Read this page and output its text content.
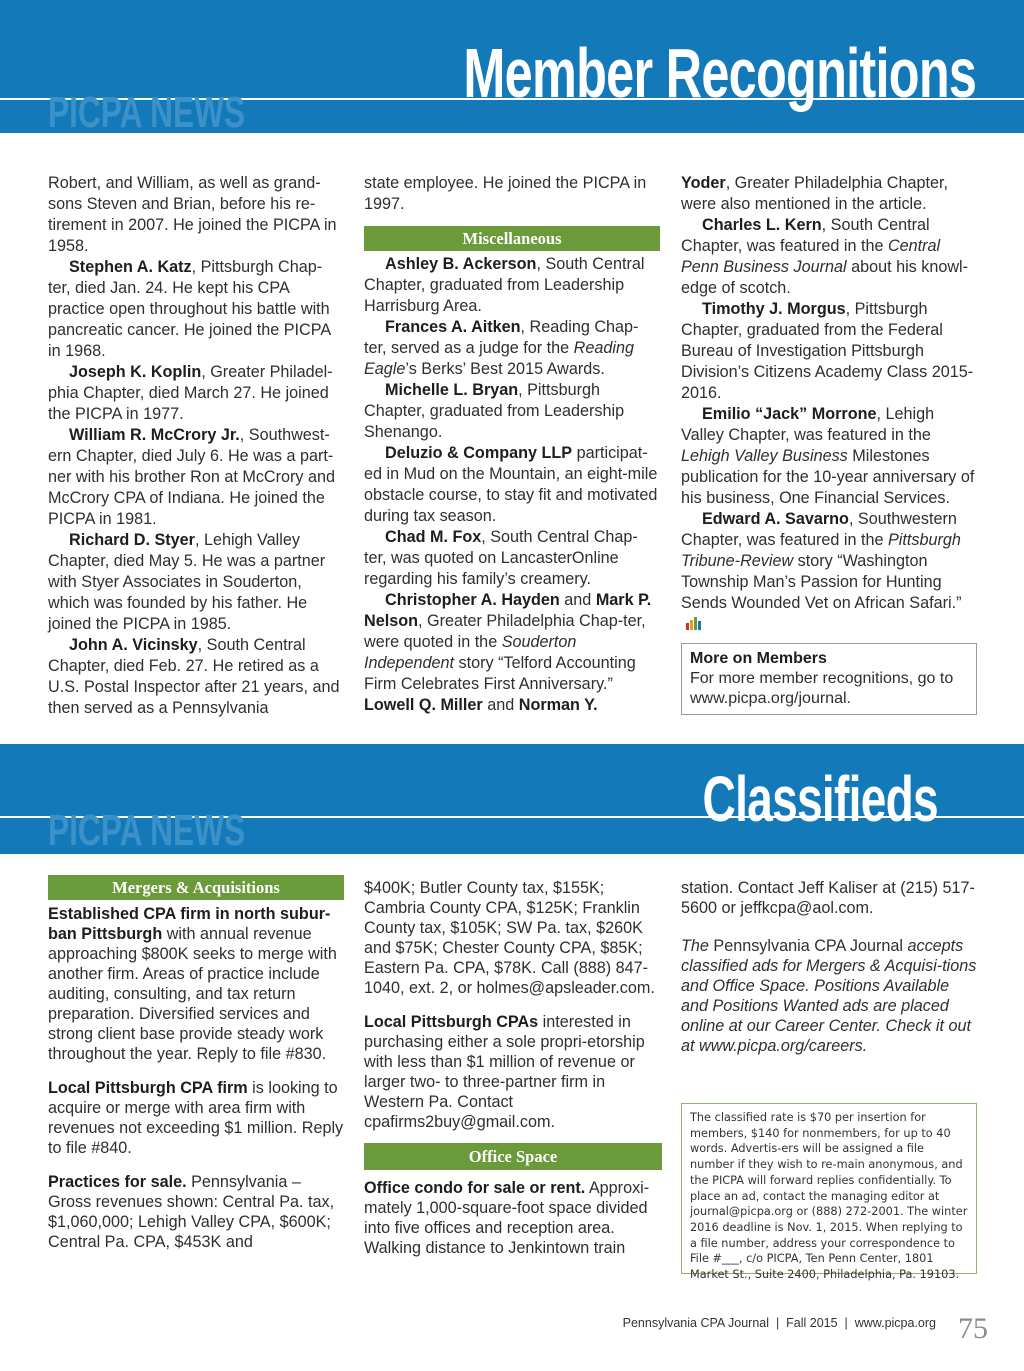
PICPA NEWS
Member Recognitions

Robert, and William, as well as grand-sons Steven and Brian, before his re-tirement in 2007. He joined the PICPA in 1958.

Stephen A. Katz, Pittsburgh Chap-ter, died Jan. 24. He kept his CPA practice open throughout his battle with pancreatic cancer. He joined the PICPA in 1968.

Joseph K. Koplin, Greater Philadel-phia Chapter, died March 27. He joined the PICPA in 1977.

William R. McCrory Jr., Southwest-ern Chapter, died July 6. He was a part-ner with his brother Ron at McCrory and McCrory CPA of Indiana. He joined the PICPA in 1981.

Richard D. Styer, Lehigh Valley Chapter, died May 5. He was a partner with Styer Associates in Souderton, which was founded by his father. He joined the PICPA in 1985.

John A. Vicinsky, South Central Chapter, died Feb. 27. He retired as a U.S. Postal Inspector after 21 years, and then served as a Pennsylvania

state employee. He joined the PICPA in 1997.

Miscellaneous

Ashley B. Ackerson, South Central Chapter, graduated from Leadership Harrisburg Area.

Frances A. Aitken, Reading Chap-ter, served as a judge for the Reading Eagle’s Berks’ Best 2015 Awards.

Michelle L. Bryan, Pittsburgh Chapter, graduated from Leadership Shenango.

Deluzio & Company LLP participat-ed in Mud on the Mountain, an eight-mile obstacle course, to stay fit and motivated during tax season.

Chad M. Fox, South Central Chap-ter, was quoted on LancasterOnline regarding his family’s creamery.

Christopher A. Hayden and Mark P. Nelson, Greater Philadelphia Chap-ter, were quoted in the Souderton Independent story “Telford Accounting Firm Celebrates First Anniversary.”

Lowell Q. Miller and Norman Y.

Yoder, Greater Philadelphia Chapter, were also mentioned in the article.

Charles L. Kern, South Central Chapter, was featured in the Central Penn Business Journal about his knowl-edge of scotch.

Timothy J. Morgus, Pittsburgh Chapter, graduated from the Federal Bureau of Investigation Pittsburgh Division’s Citizens Academy Class 2015-2016.

Emilio “Jack” Morrone, Lehigh Valley Chapter, was featured in the Lehigh Valley Business Milestones publication for the 10-year anniversary of his business, One Financial Services.

Edward A. Savarno, Southwestern Chapter, was featured in the Pittsburgh Tribune-Review story “Washington Township Man’s Passion for Hunting Sends Wounded Vet on African Safari.”

More on Members
For more member recognitions, go to www.picpa.org/journal.
PICPA NEWS	Classifieds
Mergers & Acquisitions

Established CPA firm in north subur-ban Pittsburgh with annual revenue approaching $800K seeks to merge with another firm. Areas of practice include auditing, consulting, and tax return preparation. Diversified services and strong client base provide steady work throughout the year. Reply to file #830.

Local Pittsburgh CPA firm is looking to acquire or merge with area firm with revenues not exceeding $1 million. Reply to file #840.

Practices for sale. Pennsylvania – Gross revenues shown: Central Pa. tax, $1,060,000; Lehigh Valley CPA, $600K; Central Pa. CPA, $453K and

$400K; Butler County tax, $155K; Cambria County CPA, $125K; Franklin County tax, $105K; SW Pa. tax, $260K and $75K; Chester County CPA, $85K; Eastern Pa. CPA, $78K. Call (888) 847-1040, ext. 2, or holmes@apsleader.com.

Local Pittsburgh CPAs interested in purchasing either a sole propri-etorship with less than $1 million of revenue or larger two- to three-partner firm in Western Pa. Contact cpafirms2buy@gmail.com.

Office Space

Office condo for sale or rent. Approxi-mately 1,000-square-foot space divided into five offices and reception area. Walking distance to Jenkintown train

station. Contact Jeff Kaliser at (215) 517-5600 or jeffkcpa@aol.com.

The Pennsylvania CPA Journal accepts classified ads for Mergers & Acquisi-tions and Office Space. Positions Available and Positions Wanted ads are placed online at our Career Center. Check it out at www.picpa.org/careers.

The classified rate is $70 per insertion for members, $140 for nonmembers, for up to 40 words. Advertis-ers will be assigned a file number if they wish to re-main anonymous, and the PICPA will forward replies confidentially. To place an ad, contact the managing editor at journal@picpa.org or (888) 272-2001. The winter 2016 deadline is Nov. 1, 2015. When replying to a file number, address your correspondence to File #___, c/o PICPA, Ten Penn Center, 1801 Market St., Suite 2400, Philadelphia, Pa. 19103.
Pennsylvania CPA Journal  |  Fall 2015  |  www.picpa.org 75
